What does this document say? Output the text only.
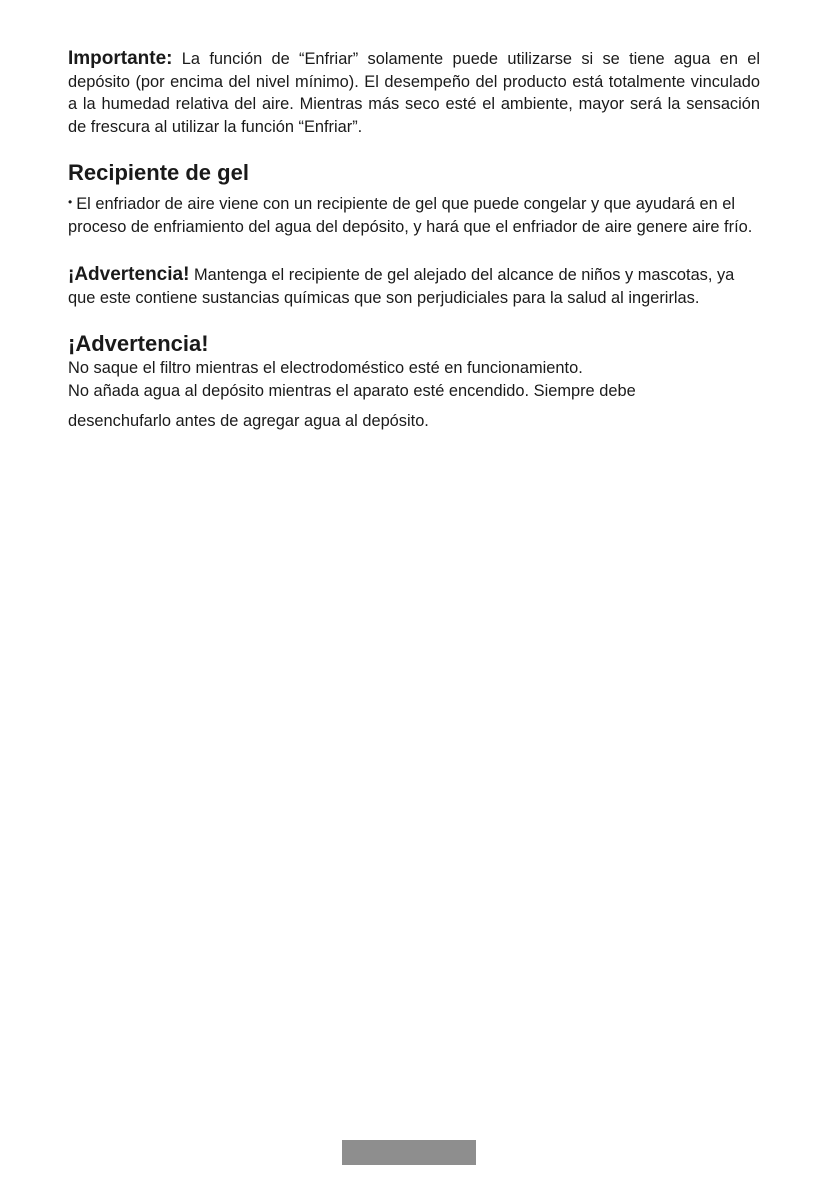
Importante: La función de “Enfriar” solamente puede utilizarse si se tiene agua en el depósito (por encima del nivel mínimo). El desempeño del producto está totalmente vinculado a la humedad relativa del aire. Mientras más seco esté el ambiente, mayor será la sensación de frescura al utilizar la función “Enfriar”.

Recipiente de gel

• El enfriador de aire viene con un recipiente de gel que puede congelar y que ayudará en el proceso de enfriamiento del agua del depósito, y hará que el enfriador de aire genere aire frío.

¡Advertencia! Mantenga el recipiente de gel alejado del alcance de niños y mascotas, ya que este contiene sustancias químicas que son perjudiciales para la salud al ingerirlas.

¡Advertencia!

No saque el filtro mientras el electrodoméstico esté en funcionamiento.
No añada agua al depósito mientras el aparato esté encendido. Siempre debe
desenchufarlo antes de agregar agua al depósito.
